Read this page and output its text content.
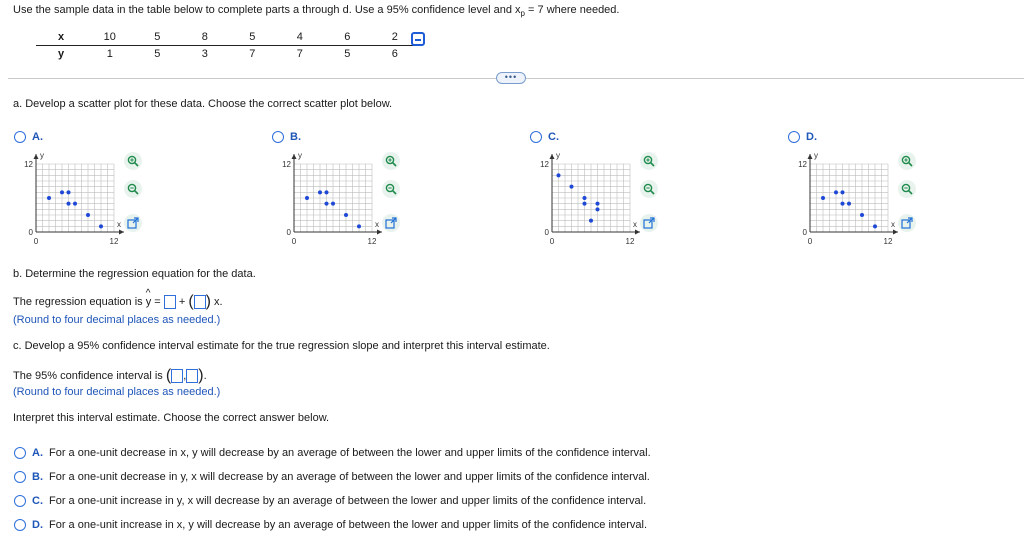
Use the sample data in the table below to complete parts a through d. Use a 95% confidence level and $x_p = 7$ where needed.
x	10	5	8	5	4	6	2
y	1	5	3	7	7	5	6
•••
a. Develop a scatter plot for these data. Choose the correct scatter plot below.
A.
12
0
0	12
y
x
B.
12
0
0	12
y
x
C.
12
0
0	12
y
x
D.
12
0
0	12
y
x
b. Determine the regression equation for the data.
The regression equation is ^ y = + ( ) x.
(Round to four decimal places as needed.)
c. Develop a 95% confidence interval estimate for the true regression slope and interpret this interval estimate.
The 95% confidence interval is ( , ).
(Round to four decimal places as needed.)
Interpret this interval estimate. Choose the correct answer below.
A. For a one-unit decrease in x, y will decrease by an average of between the lower and upper limits of the confidence interval.
B. For a one-unit decrease in y, x will decrease by an average of between the lower and upper limits of the confidence interval.
C. For a one-unit increase in y, x will decrease by an average of between the lower and upper limits of the confidence interval.
D. For a one-unit increase in x, y will decrease by an average of between the lower and upper limits of the confidence interval.
